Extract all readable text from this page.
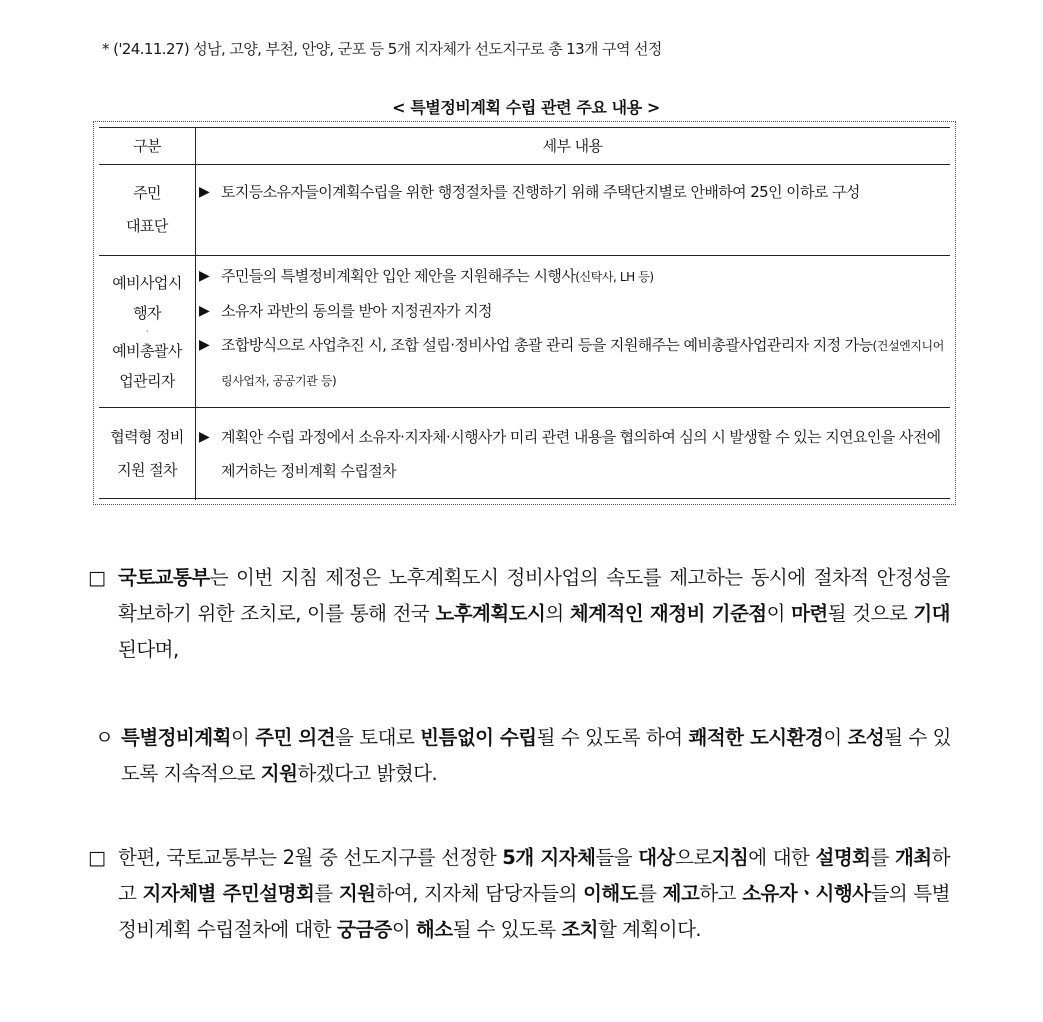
* ('24.11.27) 성남, 고양, 부천, 안양, 군포 등 5개 지자체가 선도지구로 총 13개 구역 선정
< 특별정비계획 수립 관련 주요 내용 >
구분	세부 내용
주민
대표단
▶ 토지등소유자들이계획수립을 위한 행정절차를 진행하기 위해 주택단지별로 안배하여 25인 이하로 구성
예비사업시
행자
·
예비총괄사
업관리자
▶ 주민들의 특별정비계획안 입안 제안을 지원해주는 시행사(신탁사, LH 등)
▶ 소유자 과반의 동의를 받아 지정권자가 지정
▶ 조합방식으로 사업추진 시, 조합 설립·정비사업 총괄 관리 등을 지원해주는 예비총괄사업관리자 지정 가능(건설엔지니어링사업자, 공공기관 등)
협력형 정비
지원 절차
▶ 계획안 수립 과정에서 소유자·지자체·시행사가 미리 관련 내용을 협의하여 심의 시 발생할 수 있는 지연요인을 사전에 제거하는 정비계획 수립절차
□ 국토교통부는 이번 지침 제정은 노후계획도시 정비사업의 속도를 제고하는 동시에 절차적 안정성을 확보하기 위한 조치로, 이를 통해 전국 노후계획도시의 체계적인 재정비 기준점이 마련될 것으로 기대된다며,
ㅇ 특별정비계획이 주민 의견을 토대로 빈틈없이 수립될 수 있도록 하여 쾌적한 도시환경이 조성될 수 있도록 지속적으로 지원하겠다고 밝혔다.
□ 한편, 국토교통부는 2월 중 선도지구를 선정한 5개 지자체들을 대상으로지침에 대한 설명회를 개최하고 지자체별 주민설명회를 지원하여, 지자체 담당자들의 이해도를 제고하고 소유자ㆍ시행사들의 특별정비계획 수립절차에 대한 궁금증이 해소될 수 있도록 조치할 계획이다.
